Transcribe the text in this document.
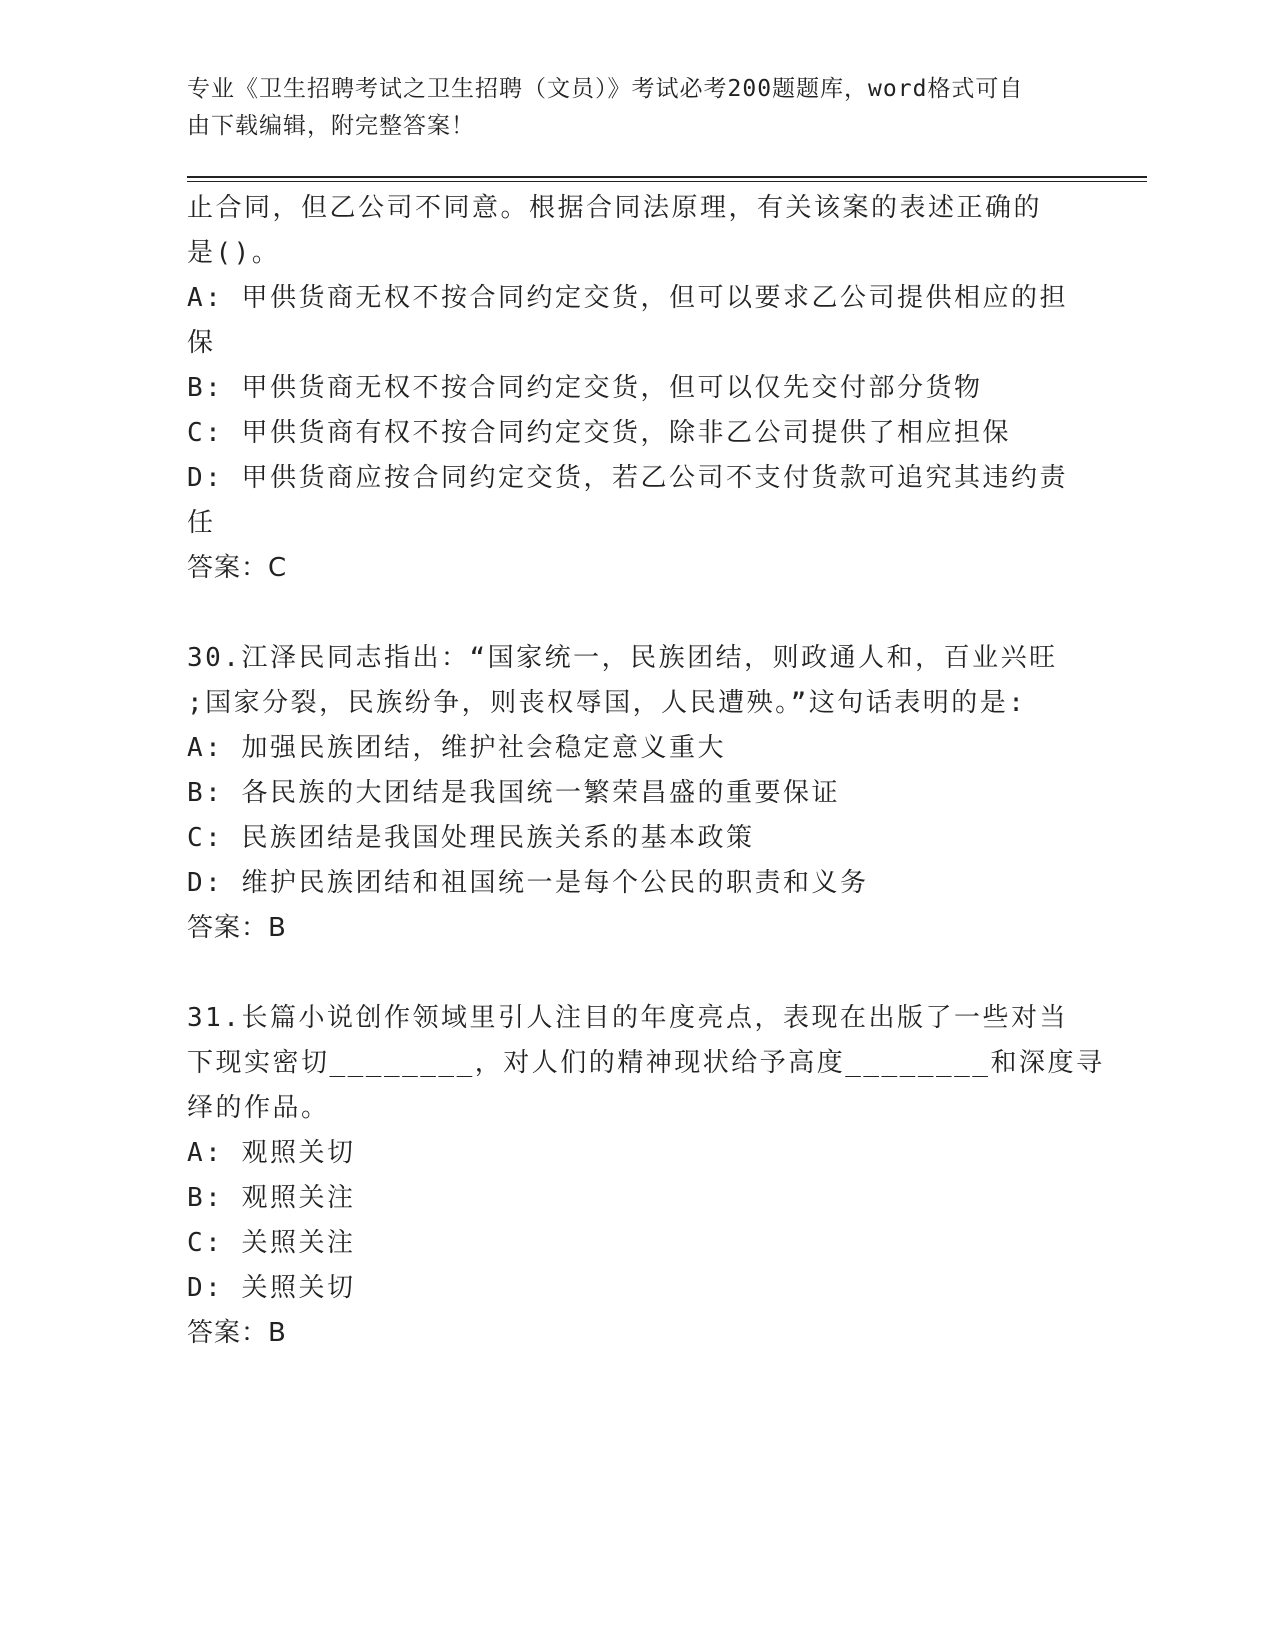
专业《卫生招聘考试之卫生招聘（文员）》考试必考200题题库，word格式可自
由下载编辑，附完整答案！
止合同，但乙公司不同意。根据合同法原理，有关该案的表述正确的
是()。
A: 甲供货商无权不按合同约定交货，但可以要求乙公司提供相应的担
保
B: 甲供货商无权不按合同约定交货，但可以仅先交付部分货物
C: 甲供货商有权不按合同约定交货，除非乙公司提供了相应担保
D: 甲供货商应按合同约定交货，若乙公司不支付货款可追究其违约责
任
答案：C
30.江泽民同志指出：“国家统一，民族团结，则政通人和，百业兴旺
;国家分裂，民族纷争，则丧权辱国，人民遭殃。”这句话表明的是:
A: 加强民族团结，维护社会稳定意义重大
B: 各民族的大团结是我国统一繁荣昌盛的重要保证
C: 民族团结是我国处理民族关系的基本政策
D: 维护民族团结和祖国统一是每个公民的职责和义务
答案：B
31.长篇小说创作领域里引人注目的年度亮点，表现在出版了一些对当
下现实密切________，对人们的精神现状给予高度________和深度寻
绎的作品。
A: 观照关切
B: 观照关注
C: 关照关注
D: 关照关切
答案：B
